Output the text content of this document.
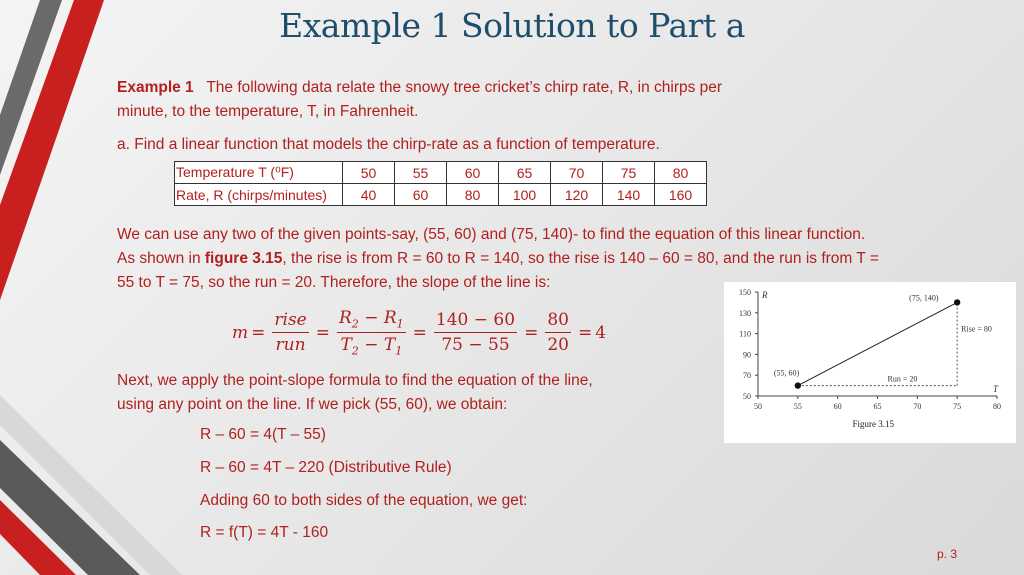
Example 1 Solution to Part a
Example 1 The following data relate the snowy tree cricket’s chirp rate, R, in chirps per
minute, to the temperature, T, in Fahrenheit.
a. Find a linear function that models the chirp-rate as a function of temperature.
Temperature T (⁰F)	50	55	60	65	70	75	80
Rate, R (chirps/minutes)	40	60	80	100	120	140	160
We can use any two of the given points-say, (55, 60) and (75, 140)- to find the equation of this linear function.
As shown in figure 3.15, the rise is from R = 60 to R = 140, so the rise is 140 – 60 = 80, and the run is from T =
55 to T = 75, so the run = 20. Therefore, the slope of the line is:
$m = \frac{\text{rise}}{\text{run}} = \frac{R_2 - R_1}{T_2 - T_1} = \frac{140 - 60}{75 - 55} = \frac{80}{20} = 4$
Next, we apply the point-slope formula to find the equation of the line,
using any point on the line. If we pick (55, 60), we obtain:
R – 60 = 4(T – 55)
R – 60 = 4T – 220 (Distributive Rule)
Adding 60 to both sides of the equation, we get:
R = f(T) = 4T - 160
50	55	60	65	70	75	80
50
70
90
110
130
150 R
T
(55, 60)
(75, 140)
Rise = 80
Run = 20
Figure 3.15
p. 3
